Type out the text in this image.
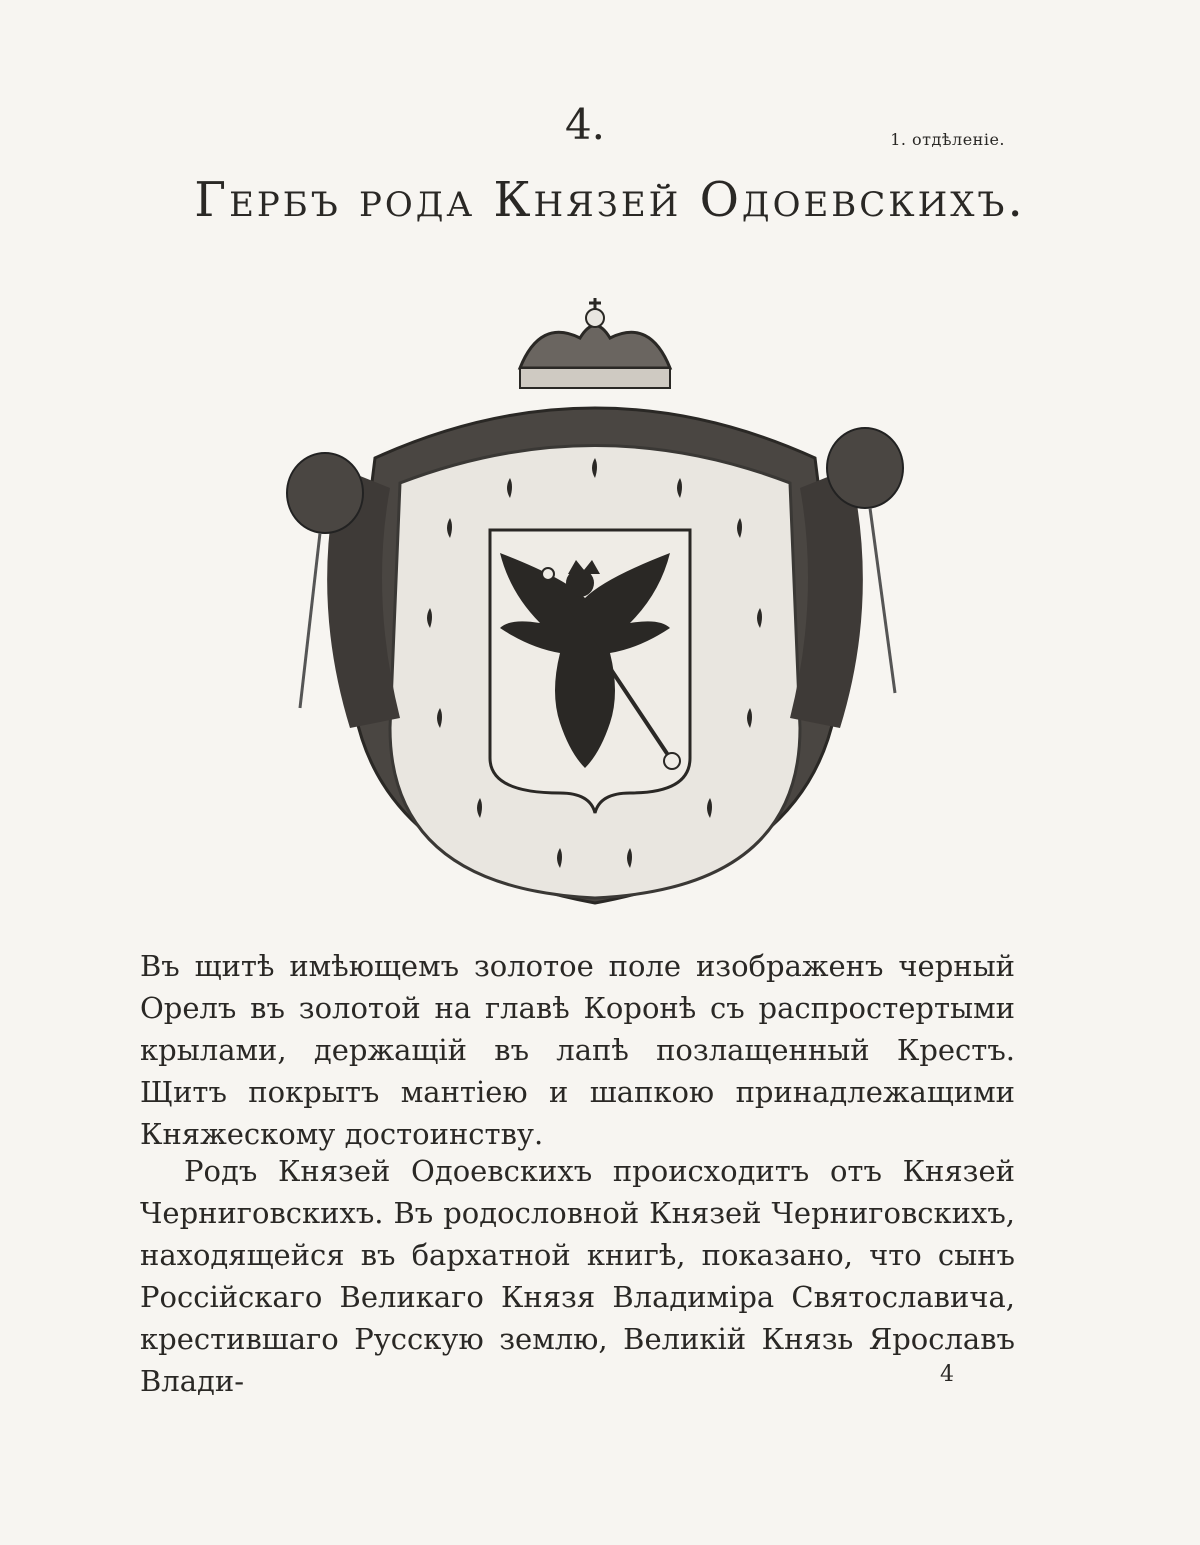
4.	1. отдѣленіе.
Гербъ рода Князей Одоевскихъ.

Въ щитѣ имѣющемъ золотое поле изображенъ черный Орелъ въ золотой на главѣ Коронѣ съ распростертыми крылами, держащій въ лапѣ позлащенный Крестъ. Щитъ покрытъ мантіею и шапкою принадлежащими Княжескому достоинству.

Родъ Князей Одоевскихъ происходитъ отъ Князей Черниговскихъ. Въ родословной Князей Черниговскихъ, находящейся въ бархатной книгѣ, показано, что сынъ Россійскаго Великаго Князя Владиміра Святославича, крестившаго Русскую землю, Великій Князь Ярославъ Влади-	4
